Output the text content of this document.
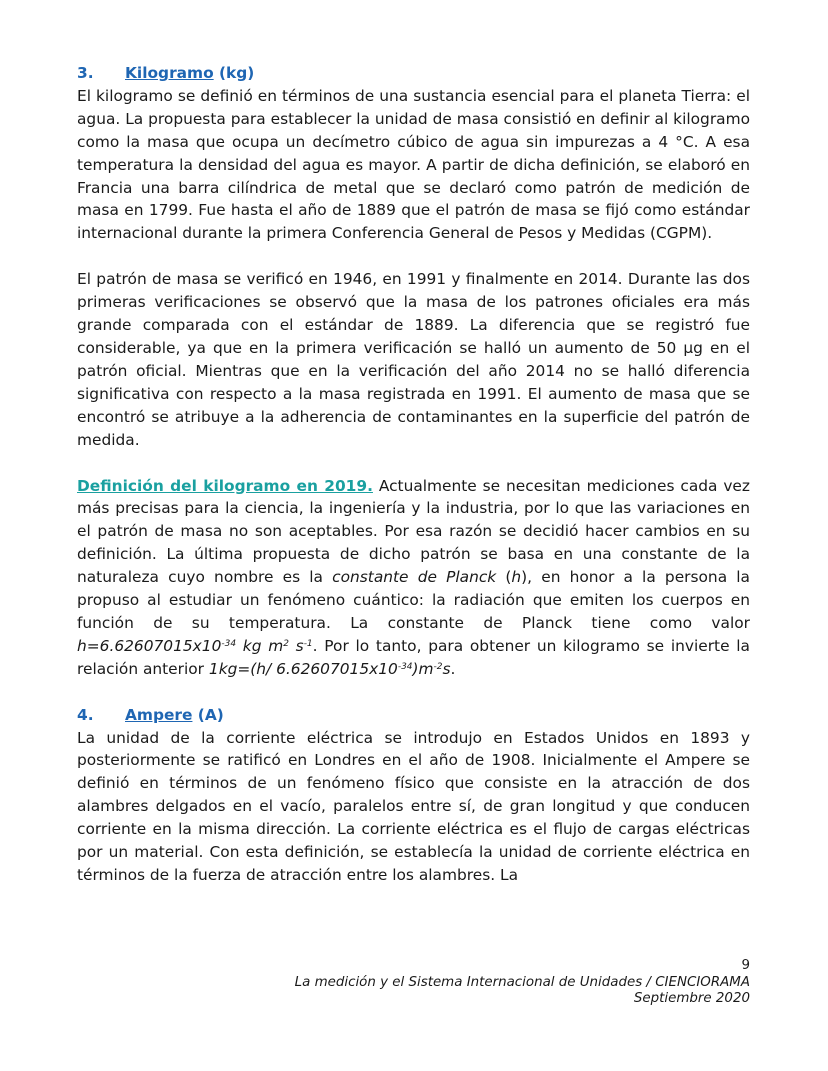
3. Kilogramo (kg)

El kilogramo se definió en términos de una sustancia esencial para el planeta Tierra: el agua. La propuesta para establecer la unidad de masa consistió en definir al kilogramo como la masa que ocupa un decímetro cúbico de agua sin impurezas a 4 °C. A esa temperatura la densidad del agua es mayor. A partir de dicha definición, se elaboró en Francia una barra cilíndrica de metal que se declaró como patrón de medición de masa en 1799. Fue hasta el año de 1889 que el patrón de masa se fijó como estándar internacional durante la primera Conferencia General de Pesos y Medidas (CGPM).

El patrón de masa se verificó en 1946, en 1991 y finalmente en 2014. Durante las dos primeras verificaciones se observó que la masa de los patrones oficiales era más grande comparada con el estándar de 1889. La diferencia que se registró fue considerable, ya que en la primera verificación se halló un aumento de 50 µg en el patrón oficial. Mientras que en la verificación del año 2014 no se halló diferencia significativa con respecto a la masa registrada en 1991. El aumento de masa que se encontró se atribuye a la adherencia de contaminantes en la superficie del patrón de medida.

Definición del kilogramo en 2019. Actualmente se necesitan mediciones cada vez más precisas para la ciencia, la ingeniería y la industria, por lo que las variaciones en el patrón de masa no son aceptables. Por esa razón se decidió hacer cambios en su definición. La última propuesta de dicho patrón se basa en una constante de la naturaleza cuyo nombre es la constante de Planck (h), en honor a la persona la propuso al estudiar un fenómeno cuántico: la radiación que emiten los cuerpos en función de su temperatura. La constante de Planck tiene como valor $h=6.62607015x10^{-34}$ kg $m^2$ $s^{-1}$. Por lo tanto, para obtener un kilogramo se invierte la relación anterior 1kg=(h/ $6.62607015x10^{-34})m^{-2}s$.

4. Ampere (A)

La unidad de la corriente eléctrica se introdujo en Estados Unidos en 1893 y posteriormente se ratificó en Londres en el año de 1908. Inicialmente el Ampere se definió en términos de un fenómeno físico que consiste en la atracción de dos alambres delgados en el vacío, paralelos entre sí, de gran longitud y que conducen corriente en la misma dirección. La corriente eléctrica es el flujo de cargas eléctricas por un material. Con esta definición, se establecía la unidad de corriente eléctrica en términos de la fuerza de atracción entre los alambres. La

9
La medición y el Sistema Internacional de Unidades / CIENCIORAMA
Septiembre 2020
